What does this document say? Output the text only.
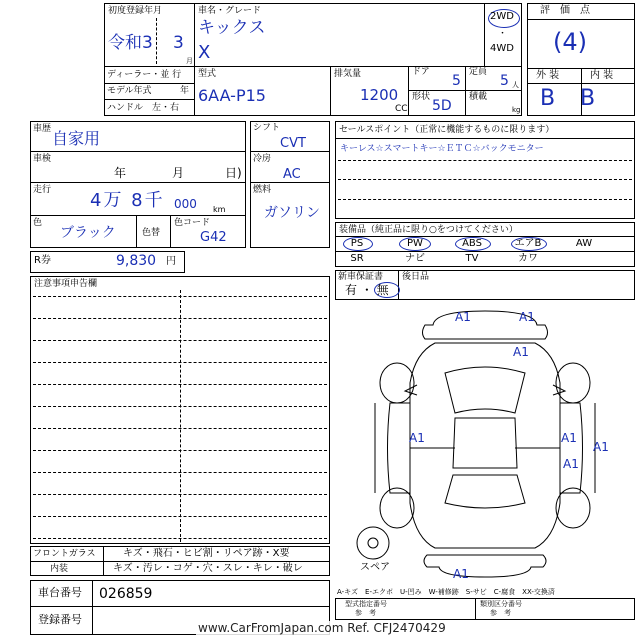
初度登録年月
令和3 3
月
ディーラー・並 行
モデル年式	年
ハンドル　左・右
車名・グレード
キックス
X
2WD
・
4WD
型式
6AA-P15
排気量
1200
CC
ドア
5
定員
5 人
形状
5D
積載
kg
評　価　点
(4)
外 装	内 装
B B
車歴 自家用
車検
年	月	日)
走行 4万 8千 000 km
色
ブラック	色替
色コード
G42
シフト
CVT
冷房
AC
燃料
ガソリン
セールスポイント（正常に機能するものに限ります）
キーレス☆スマートキー☆ＥＴＣ☆バックモニター
装備品（純正品に限り○をつけてください）
PS	PW	ABS	エアB	AW
SR	ナビ	TV	カワ
R券	9,830 円
新車保証書
有 ・ 無
後日品
注意事項申告欄
A1	A1
A1
A1	A1
A1
A1
A1
スペア
A-キズ　E-エクボ　U-凹み　W-補修跡　S-サビ　C-腐食　XX-交換済
フロントガラス	キズ・飛石・ヒビ割・リペア跡・X要
内装	キズ・汚レ・コゲ・穴・スレ・キレ・破レ
車台番号 026859
登録番号
型式指定番号
参　考
類別区分番号
参　考
www.CarFromJapan.com Ref. CFJ2470429
